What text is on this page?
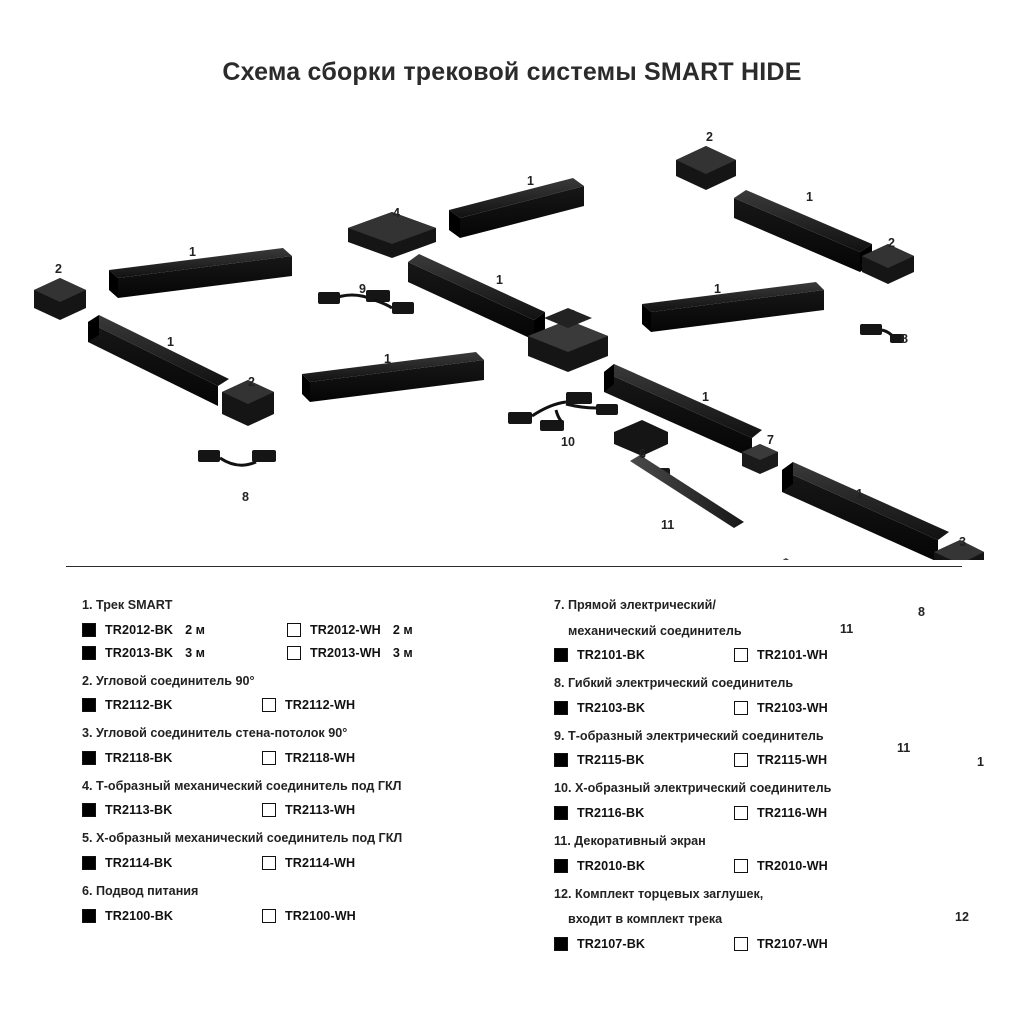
Схема сборки трековой системы SMART HIDE
2
1
1
4
2
1
2
1
9	1
5
8
1
1
2
1
10
6
7
8	1
11
3
8
11
11
1
12

1. Трек SMART

TR2012-BK 2 м	TR2012-WH 2 м
TR2013-BK 3 м	TR2013-WH 3 м

2. Угловой соединитель 90°

TR2112-BK	TR2112-WH

3. Угловой соединитель стена-потолок 90°

TR2118-BK	TR2118-WH

4. Т-образный механический соединитель под ГКЛ

TR2113-BK	TR2113-WH

5. Х-образный механический соединитель под ГКЛ

TR2114-BK	TR2114-WH

6. Подвод питания

TR2100-BK	TR2100-WH

7. Прямой электрический/

механический соединитель

TR2101-BK	TR2101-WH

8. Гибкий электрический соединитель

TR2103-BK	TR2103-WH

9. Т-образный электрический соединитель

TR2115-BK	TR2115-WH

10. Х-образный электрический соединитель

TR2116-BK	TR2116-WH

11. Декоративный экран

TR2010-BK	TR2010-WH

12. Комплект торцевых заглушек,

входит в комплект трека

TR2107-BK	TR2107-WH
